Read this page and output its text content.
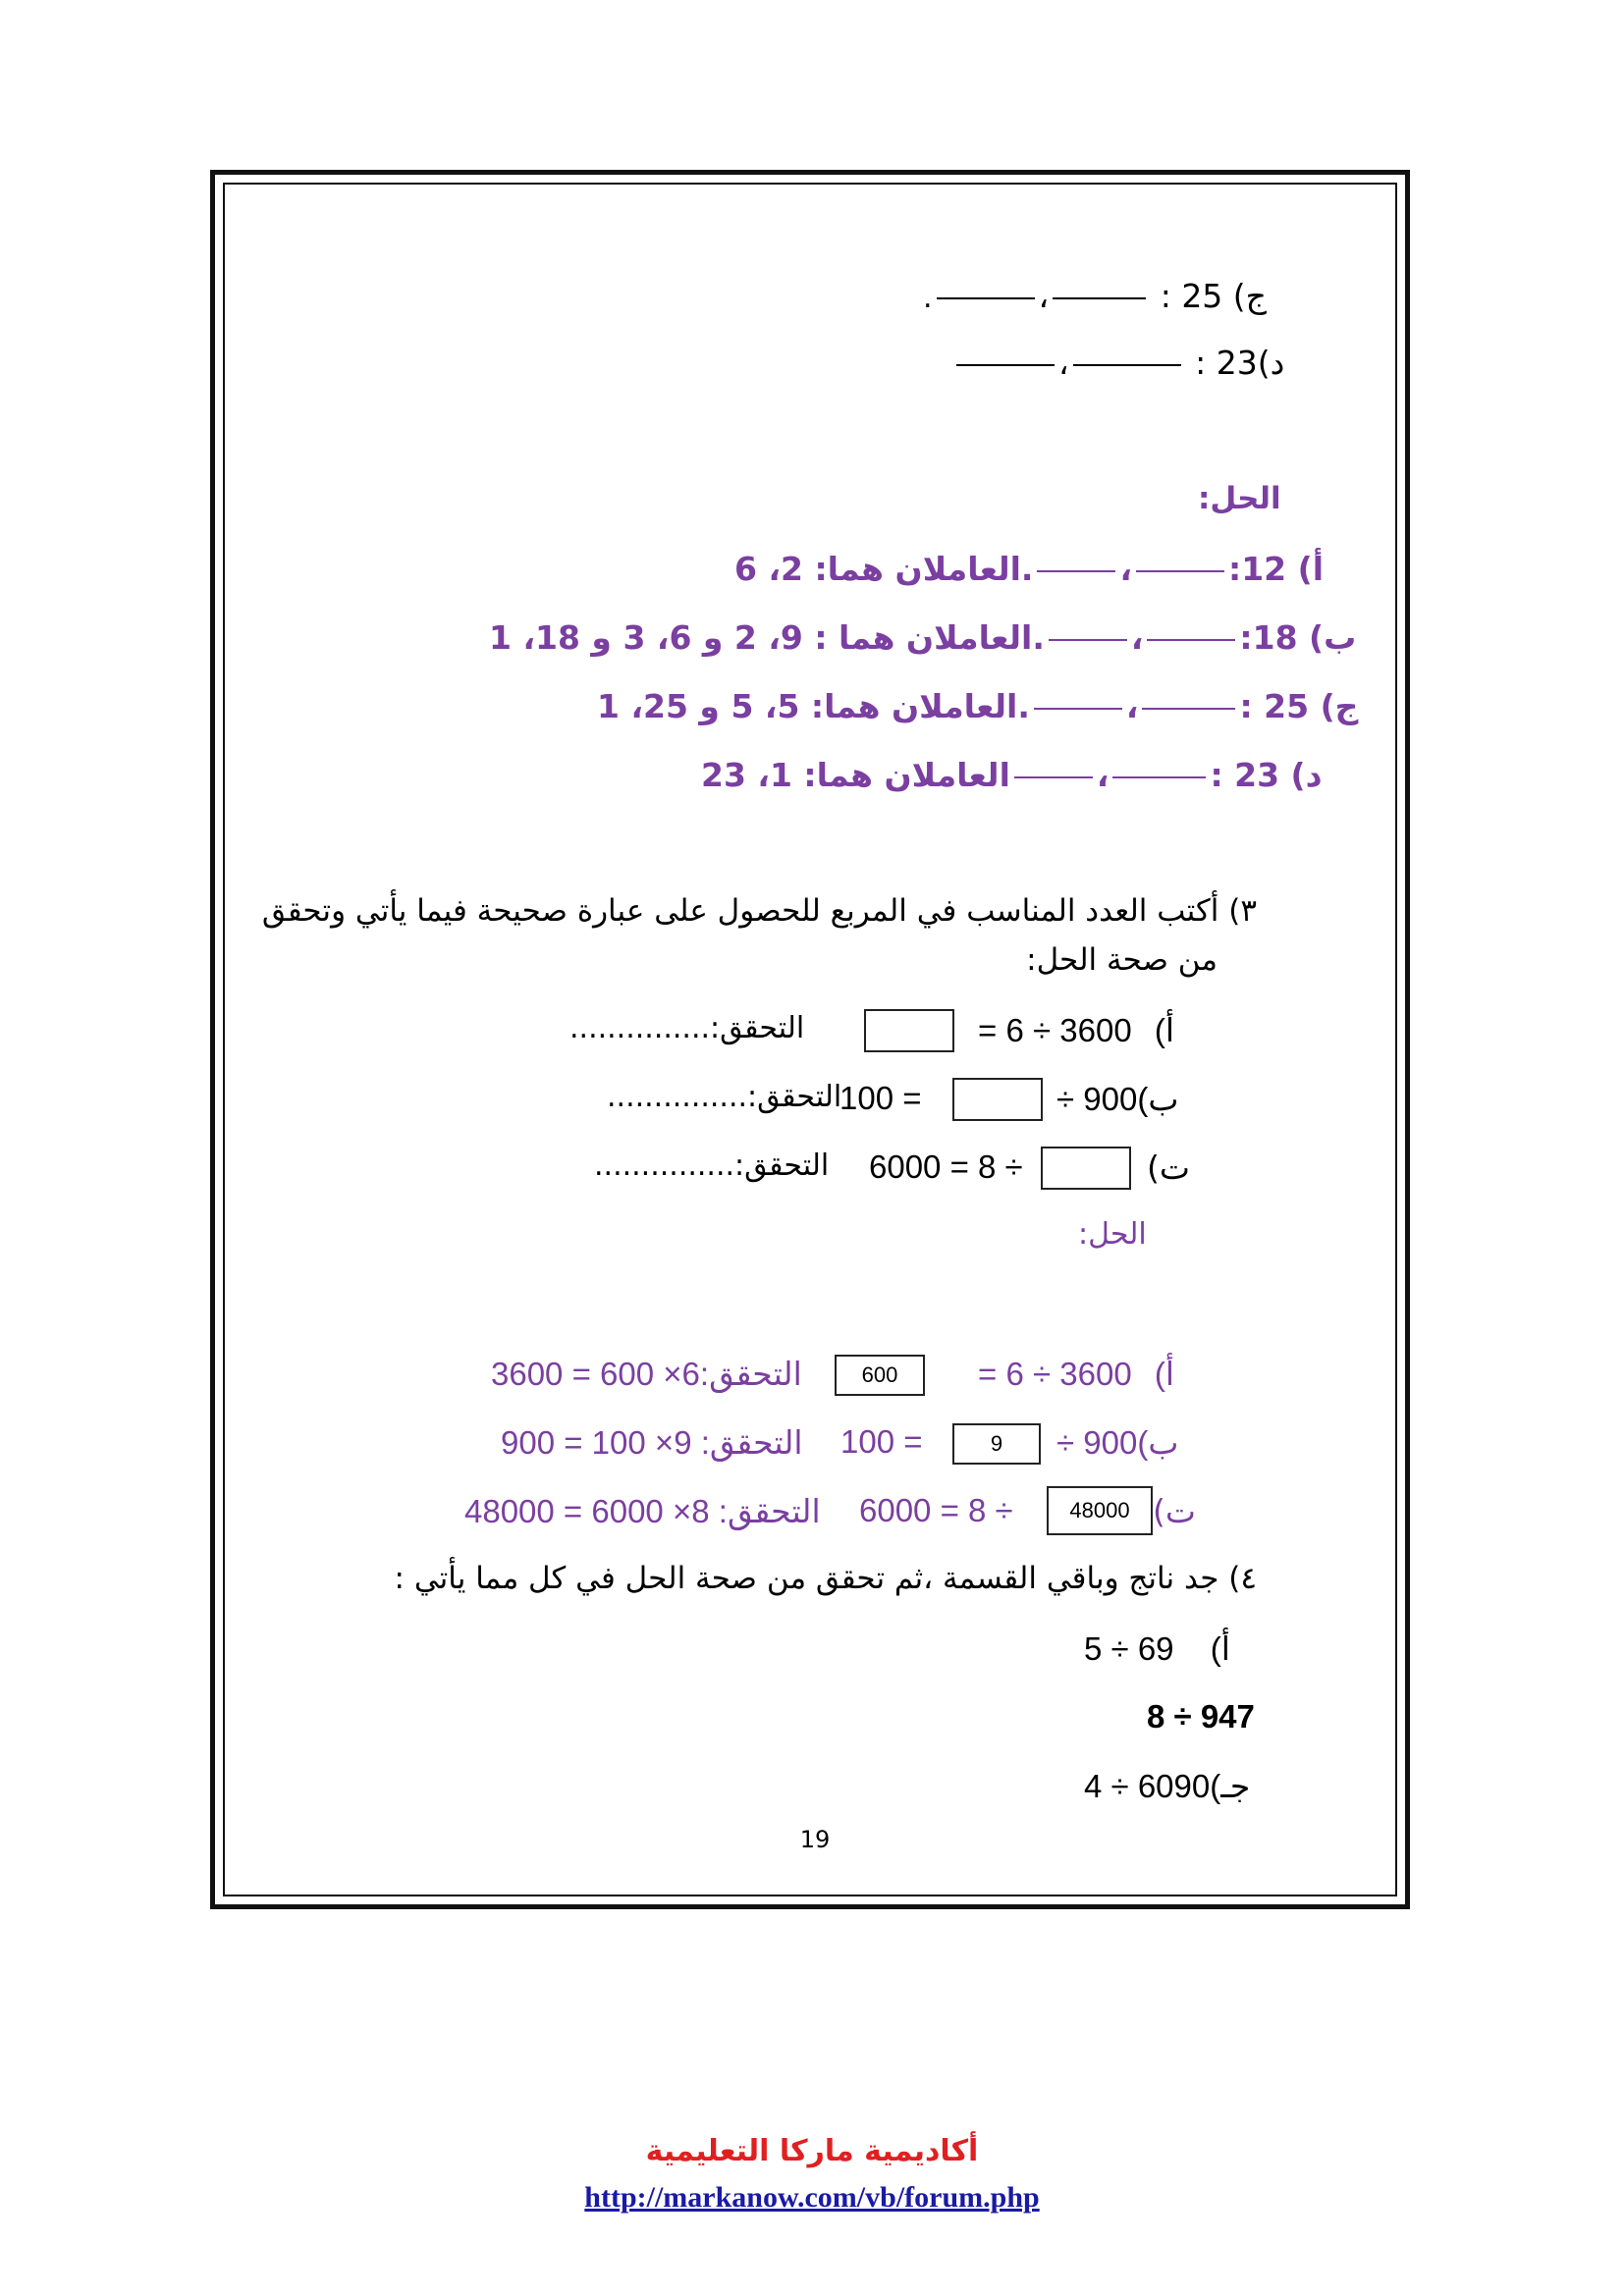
.	،	ج) 25 :
،	د)23 :
الحل:
العاملان هما: 2، 6.	،	أ) 12:
العاملان هما : 9، 2 و 6، 3 و 18، 1.	،	ب) 18:
العاملان هما: 5، 5 و 25، 1.	،	ج) 25 :
العاملان هما: 1، 23	،	د) 23 :
٣) أكتب العدد المناسب في المربع للحصول على عبارة صحيحة فيما يأتي وتحقق
من صحة الحل:
...............التحقق:	3600 ÷ 6 = أ)
...............التحقق:
= 100	900 ÷ب)
...............التحقق: ÷ 8 = 6000	ت)
الحل:
التحقق:6× 600 = 3600	600	3600 ÷ 6 = أ)
التحقق: 9× 100 = 900 = 100	9	900 ÷ب)
التحقق: 8× 6000 = 48000 ÷ 8 = 6000	48000 ت)
٤) جد ناتج وباقي القسمة ،ثم تحقق من صحة الحل في كل مما يأتي :
69 ÷ 5 أ)
947 ÷ 8
6090 ÷ 4جـ)
19
أكاديمية ماركا التعليمية
http://markanow.com/vb/forum.php
